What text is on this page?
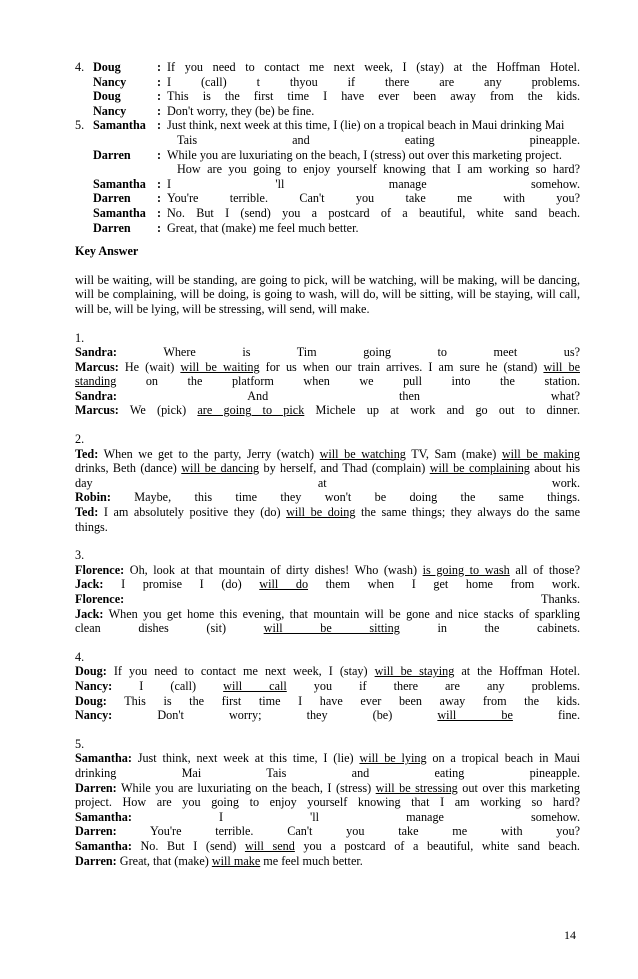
4. Doug	: If you need to contact me next week, I (stay) at the Hoffman Hotel.
Nancy	: I (call) t thyou if there are any problems.
Doug	: This is the first time I have ever been away from the kids.
Nancy	: Don't worry, they (be) be fine.
5. Samantha : Just think, next week at this time, I (lie) on a tropical beach in Maui drinking Mai
Tais and eating pineapple.
Darren	: While you are luxuriating on the beach, I (stress) out over this marketing project.
How are you going to enjoy yourself knowing that I am working so hard?
Samantha : I 'll manage somehow.
Darren	: You're terrible. Can't you take me with you?
Samantha : No. But I (send) you a postcard of a beautiful, white sand beach.
Darren	: Great, that (make) me feel much better.
Key Answer
will be waiting, will be standing, are going to pick, will be watching, will be making, will be dancing, will be complaining, will be doing, is going to wash, will do, will be sitting, will be staying, will call, will be, will be lying, will be stressing, will send, will make.
1.
Sandra: Where is Tim going to meet us?
Marcus: He (wait) will be waiting for us when our train arrives. I am sure he (stand) will be
standing on the platform when we pull into the station.
Sandra: And then what?
Marcus: We (pick) are going to pick Michele up at work and go out to dinner.
2.
Ted: When we get to the party, Jerry (watch) will be watching TV, Sam (make) will be making
drinks, Beth (dance) will be dancing by herself, and Thad (complain) will be complaining about his
day at work.
Robin: Maybe, this time they won't be doing the same things.
Ted: I am absolutely positive they (do) will be doing the same things; they always do the same
things.
3.
Florence: Oh, look at that mountain of dirty dishes! Who (wash) is going to wash all of those?
Jack: I promise I (do) will do them when I get home from work.
Florence: Thanks.
Jack: When you get home this evening, that mountain will be gone and nice stacks of sparkling
clean dishes (sit) will be sitting in the cabinets.
4.
Doug: If you need to contact me next week, I (stay) will be staying at the Hoffman Hotel.
Nancy: I (call) will call you if there are any problems.
Doug: This is the first time I have ever been away from the kids.
Nancy: Don't worry; they (be) will be fine.
5.
Samantha: Just think, next week at this time, I (lie) will be lying on a tropical beach in Maui
drinking Mai Tais and eating pineapple.
Darren: While you are luxuriating on the beach, I (stress) will be stressing out over this marketing
project. How are you going to enjoy yourself knowing that I am working so hard?
Samantha: I 'll manage somehow.
Darren: You're terrible. Can't you take me with you?
Samantha: No. But I (send) will send you a postcard of a beautiful, white sand beach.
Darren: Great, that (make) will make me feel much better.
14
